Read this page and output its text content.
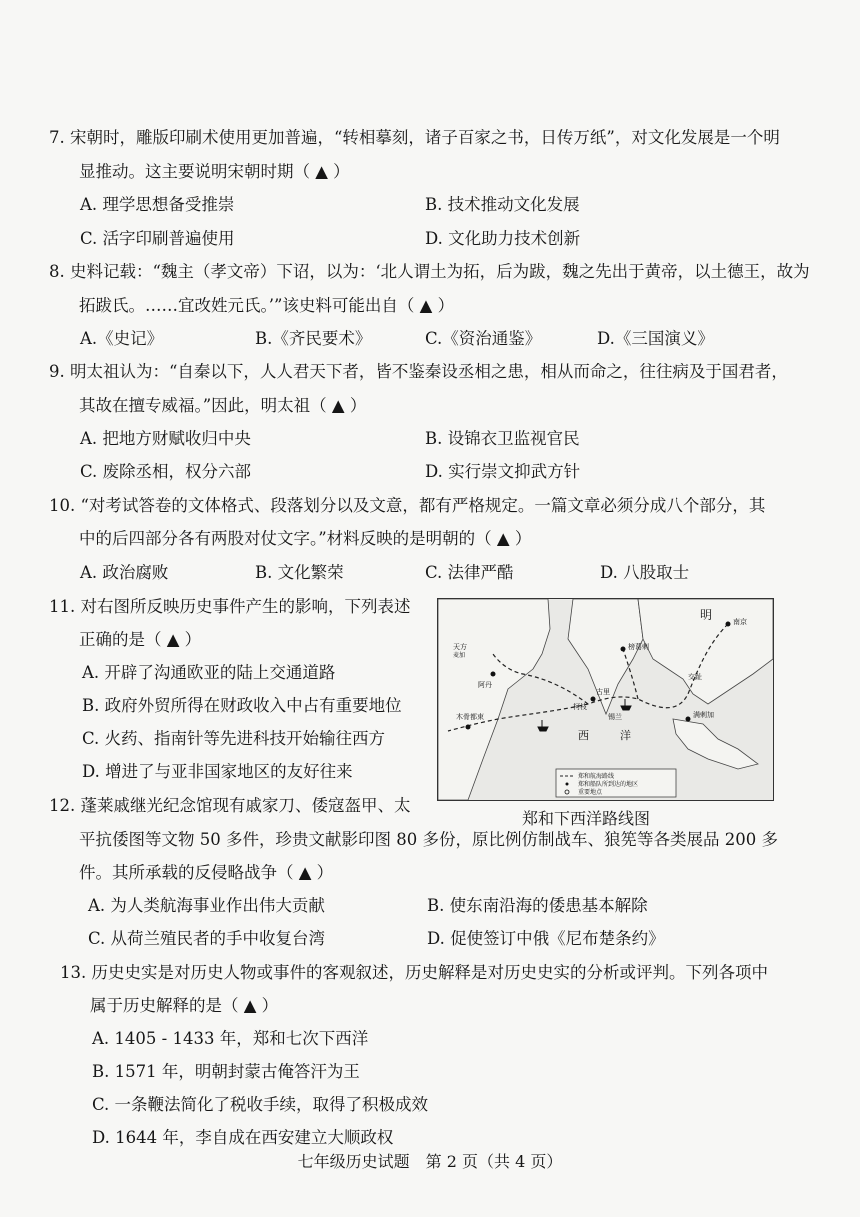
7. 宋朝时，雕版印刷术使用更加普遍，“转相摹刻，诸子百家之书，日传万纸”，对文化发展是一个明
显推动。这主要说明宋朝时期（ ▲ ）
A. 理学思想备受推崇	B. 技术推动文化发展
C. 活字印刷普遍使用	D. 文化助力技术创新
8. 史料记载：“魏主（孝文帝）下诏，以为：‘北人谓土为拓，后为跋，魏之先出于黄帝，以土德王，故为
拓跋氏。……宜改姓元氏。’”该史料可能出自（ ▲ ）
A.《史记》	B.《齐民要术》	C.《资治通鉴》	D.《三国演义》
9. 明太祖认为：“自秦以下，人人君天下者，皆不鉴秦设丞相之患，相从而命之，往往病及于国君者，
其故在擅专威福。”因此，明太祖（ ▲ ）
A. 把地方财赋收归中央	B. 设锦衣卫监视官民
C. 废除丞相，权分六部	D. 实行崇文抑武方针
10. “对考试答卷的文体格式、段落划分以及文意，都有严格规定。一篇文章必须分成八个部分，其
中的后四部分各有两股对仗文字。”材料反映的是明朝的（ ▲ ）
A. 政治腐败	B. 文化繁荣	C. 法律严酷	D. 八股取士
11. 对右图所反映历史事件产生的影响，下列表述
正确的是（ ▲ ）
A. 开辟了沟通欧亚的陆上交通道路
B. 政府外贸所得在财政收入中占有重要地位
C. 火药、指南针等先进科技开始输往西方
D. 增进了与亚非国家地区的友好往来
明	南京
天方
麦加
阿丹
木骨都束
古里
柯枝
锡兰
榜葛剌
满剌加
交趾
西	洋
郑和航海路线
郑和船队所到达的地区
重要地点
郑和下西洋路线图
12. 蓬莱戚继光纪念馆现有戚家刀、倭寇盔甲、太
平抗倭图等文物 50 多件，珍贵文献影印图 80 多份，原比例仿制战车、狼筅等各类展品 200 多
件。其所承载的反侵略战争（ ▲ ）
A. 为人类航海事业作出伟大贡献	B. 使东南沿海的倭患基本解除
C. 从荷兰殖民者的手中收复台湾	D. 促使签订中俄《尼布楚条约》
13. 历史史实是对历史人物或事件的客观叙述，历史解释是对历史史实的分析或评判。下列各项中
属于历史解释的是（ ▲ ）
A. 1405 - 1433 年，郑和七次下西洋
B. 1571 年，明朝封蒙古俺答汗为王
C. 一条鞭法简化了税收手续，取得了积极成效
D. 1644 年，李自成在西安建立大顺政权
七年级历史试题　第 2 页（共 4 页）
